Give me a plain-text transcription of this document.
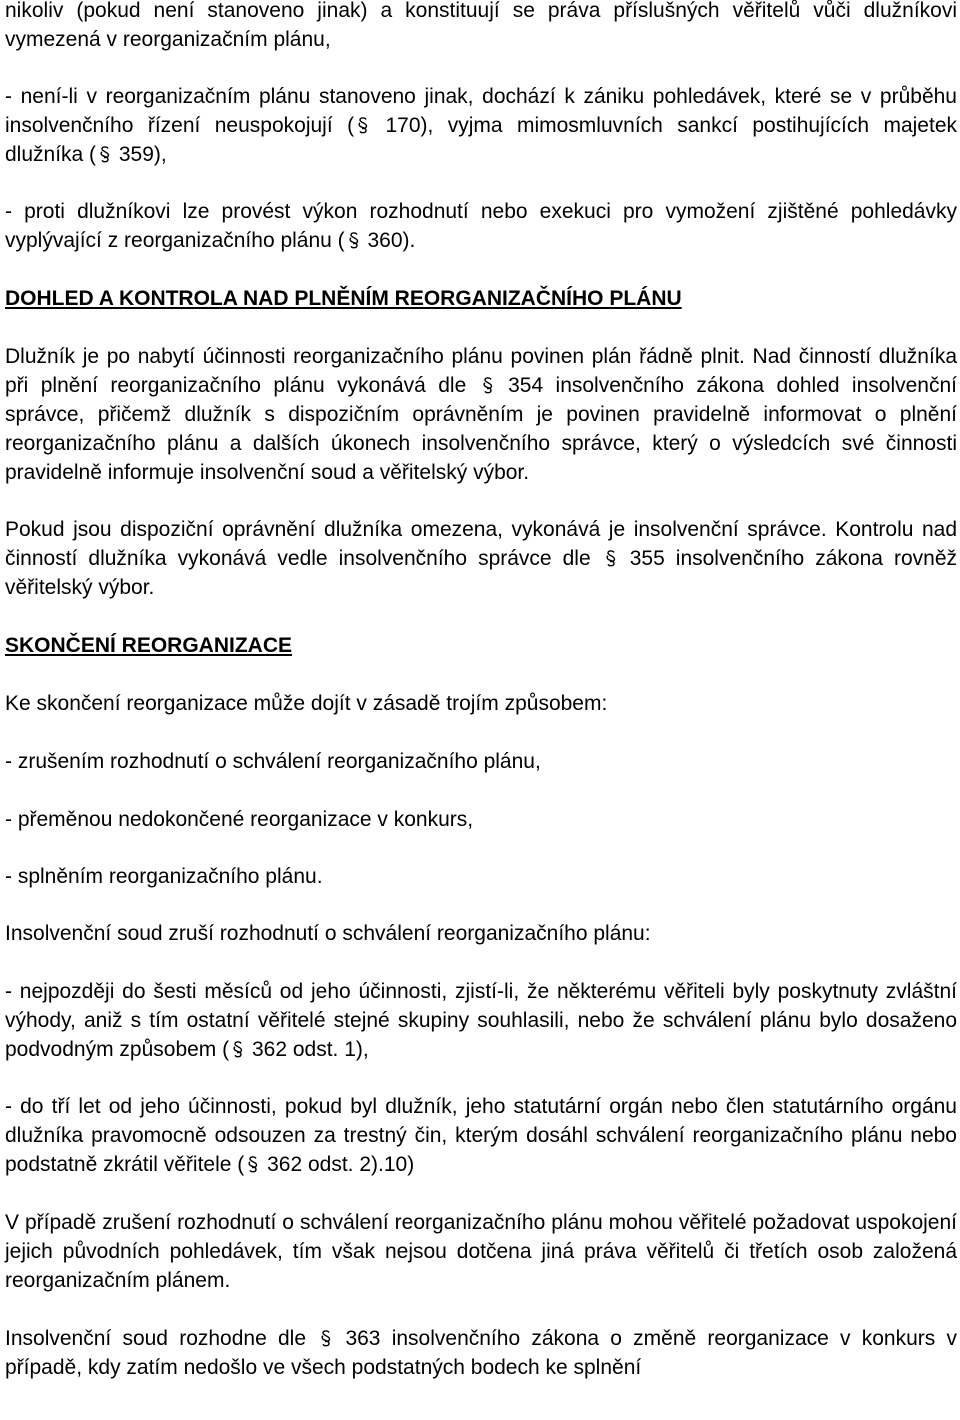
nikoliv (pokud není stanoveno jinak) a konstituují se práva příslušných věřitelů vůči dlužníkovi vymezená v reorganizačním plánu,

- není-li v reorganizačním plánu stanoveno jinak, dochází k zániku pohledávek, které se v průběhu insolvenčního řízení neuspokojují (
170), vyjma mimosmluvních sankcí postihujících majetek dlužníka (
359),

- proti dlužníkovi lze provést výkon rozhodnutí nebo exekuci pro vymožení zjištěné pohledávky vyplývající z reorganizačního plánu (
360).

DOHLED A KONTROLA NAD PLNĚNÍM REORGANIZAČNÍHO PLÁNU

Dlužník je po nabytí účinnosti reorganizačního plánu povinen plán řádně plnit. Nad činností dlužníka při plnění reorganizačního plánu vykonává dle
354 insolvenčního zákona dohled insolvenční správce, přičemž dlužník s dispozičním oprávněním je povinen pravidelně informovat o plnění reorganizačního plánu a dalších úkonech insolvenčního správce, který o výsledcích své činnosti pravidelně informuje insolvenční soud a věřitelský výbor.

Pokud jsou dispoziční oprávnění dlužníka omezena, vykonává je insolvenční správce. Kontrolu nad činností dlužníka vykonává vedle insolvenčního správce dle
355 insolvenčního zákona rovněž věřitelský výbor.

SKONČENÍ REORGANIZACE

Ke skončení reorganizace může dojít v zásadě trojím způsobem:

- zrušením rozhodnutí o schválení reorganizačního plánu,

- přeměnou nedokončené reorganizace v konkurs,

- splněním reorganizačního plánu.

Insolvenční soud zruší rozhodnutí o schválení reorganizačního plánu:

- nejpozději do šesti měsíců od jeho účinnosti, zjistí-li, že některému věřiteli byly poskytnuty zvláštní výhody, aniž s tím ostatní věřitelé stejné skupiny souhlasili, nebo že schválení plánu bylo dosaženo podvodným způsobem (
362 odst. 1),

- do tří let od jeho účinnosti, pokud byl dlužník, jeho statutární orgán nebo člen statutárního orgánu dlužníka pravomocně odsouzen za trestný čin, kterým dosáhl schválení reorganizačního plánu nebo podstatně zkrátil věřitele (
362 odst. 2).10)

V případě zrušení rozhodnutí o schválení reorganizačního plánu mohou věřitelé požadovat uspokojení jejich původních pohledávek, tím však nejsou dotčena jiná práva věřitelů či třetích osob založená reorganizačním plánem.

Insolvenční soud rozhodne dle
363 insolvenčního zákona o změně reorganizace v konkurs v případě, kdy zatím nedošlo ve všech podstatných bodech ke splnění
